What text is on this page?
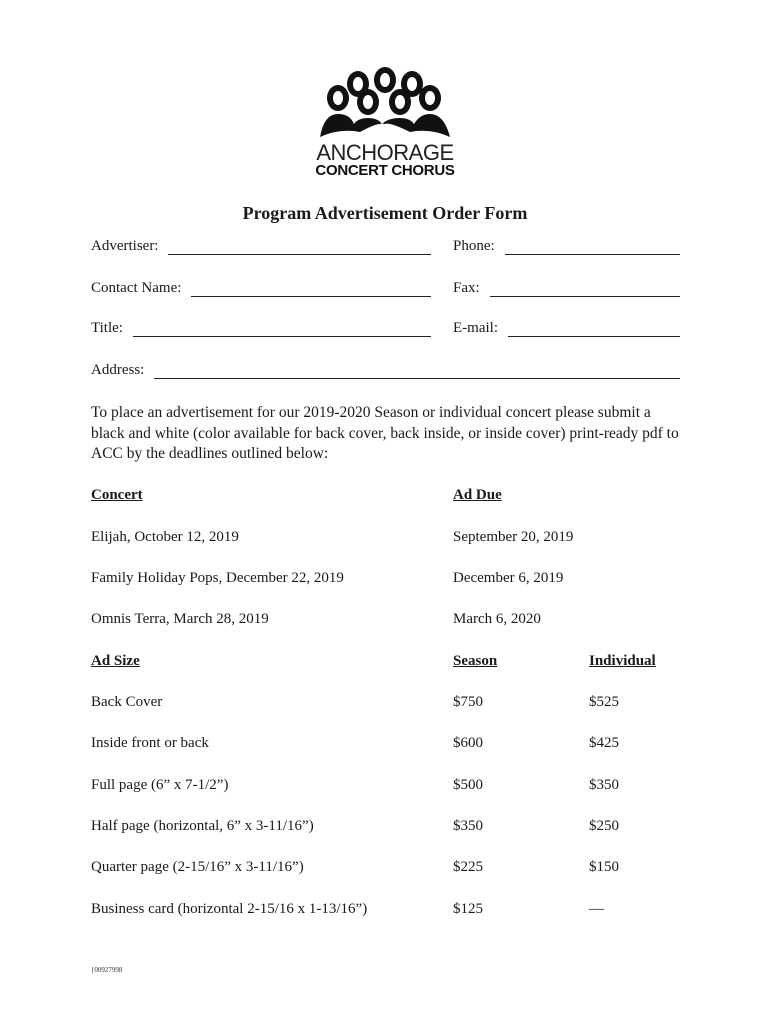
ANCHORAGE
CONCERT CHORUS
Program Advertisement Order Form
Advertiser:	Phone:
Contact Name:	Fax:
Title:	E-mail:
Address:
To place an advertisement for our 2019-2020 Season or individual concert please submit a black and white (color available for back cover, back inside, or inside cover) print-ready pdf to ACC by the deadlines outlined below:
Concert	Ad Due
Elijah, October 12, 2019	September 20, 2019
Family Holiday Pops, December 22, 2019	December 6, 2019
Omnis Terra, March 28, 2019	March 6, 2020
Ad Size	Season	Individual
Back Cover	$750	$525
Inside front or back	$600	$425
Full page (6” x 7-1/2”)	$500	$350
Half page (horizontal, 6” x 3-11/16”)	$350	$250
Quarter page (2-15/16” x 3-11/16”)	$225	$150
Business card (horizontal 2-15/16 x 1-13/16”)	$125	—
{00927998
